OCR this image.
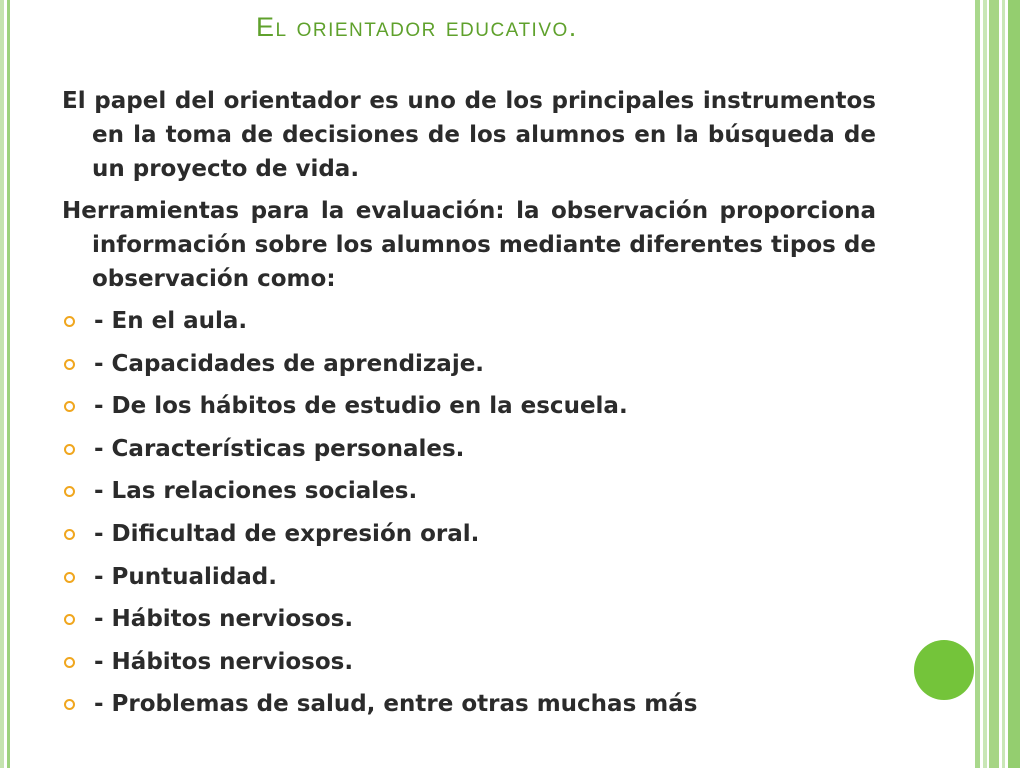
El orientador educativo.

El papel del orientador es uno de los principales instrumentos en la toma de decisiones de los alumnos en la búsqueda de un proyecto de vida.

Herramientas para la evaluación: la observación proporciona información sobre los alumnos mediante diferentes tipos de observación como:

- En el aula.
- Capacidades de aprendizaje.
- De los hábitos de estudio en la escuela.
- Características personales.
- Las relaciones sociales.
- Dificultad de expresión oral.
- Puntualidad.
- Hábitos nerviosos.
- Hábitos nerviosos.
- Problemas de salud, entre otras muchas más
